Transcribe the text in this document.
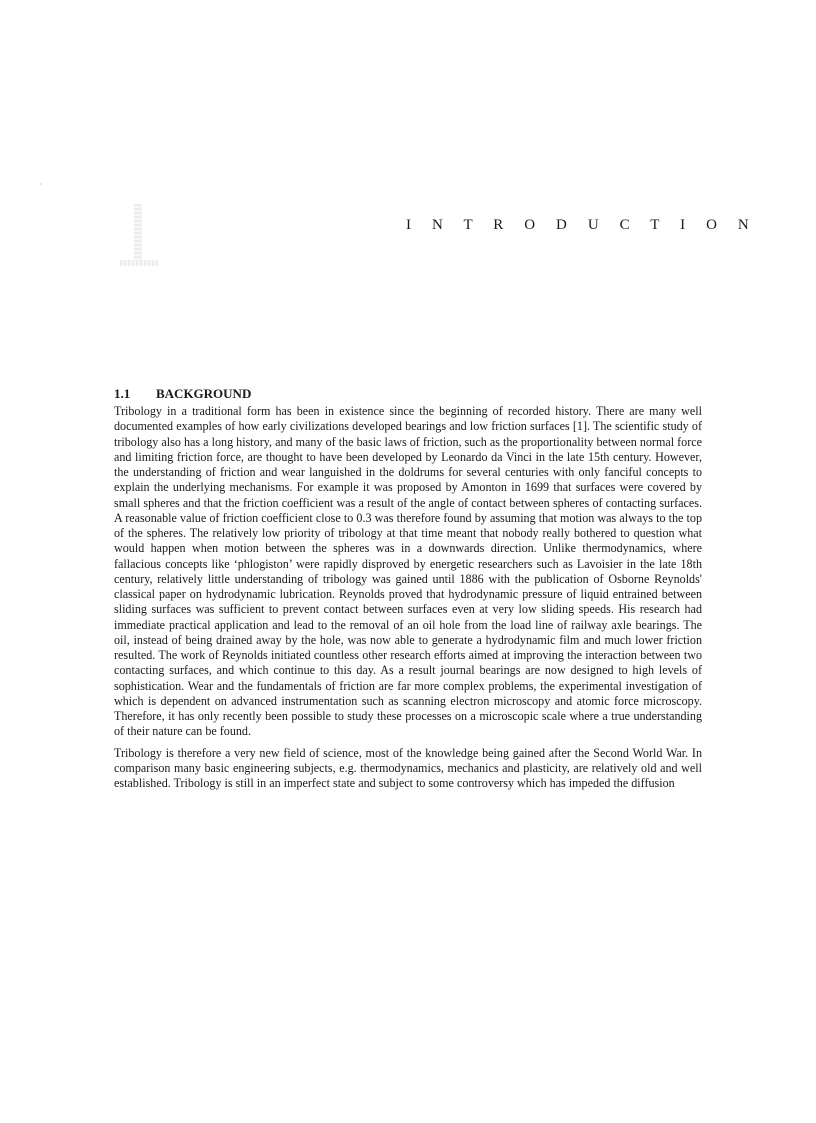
I N T R O D U C T I O N
1.1 BACKGROUND

Tribology in a traditional form has been in existence since the beginning of recorded history. There are many well documented examples of how early civilizations developed bearings and low friction surfaces [1]. The scientific study of tribology also has a long history, and many of the basic laws of friction, such as the proportionality between normal force and limiting friction force, are thought to have been developed by Leonardo da Vinci in the late 15th century. However, the understanding of friction and wear languished in the doldrums for several centuries with only fanciful concepts to explain the underlying mechanisms. For example it was proposed by Amonton in 1699 that surfaces were covered by small spheres and that the friction coefficient was a result of the angle of contact between spheres of contacting surfaces. A reasonable value of friction coefficient close to 0.3 was therefore found by assuming that motion was always to the top of the spheres. The relatively low priority of tribology at that time meant that nobody really bothered to question what would happen when motion between the spheres was in a downwards direction. Unlike thermodynamics, where fallacious concepts like ‘phlogiston’ were rapidly disproved by energetic researchers such as Lavoisier in the late 18th century, relatively little understanding of tribology was gained until 1886 with the publication of Osborne Reynolds' classical paper on hydrodynamic lubrication. Reynolds proved that hydrodynamic pressure of liquid entrained between sliding surfaces was sufficient to prevent contact between surfaces even at very low sliding speeds. His research had immediate practical application and lead to the removal of an oil hole from the load line of railway axle bearings. The oil, instead of being drained away by the hole, was now able to generate a hydrodynamic film and much lower friction resulted. The work of Reynolds initiated countless other research efforts aimed at improving the interaction between two contacting surfaces, and which continue to this day. As a result journal bearings are now designed to high levels of sophistication. Wear and the fundamentals of friction are far more complex problems, the experimental investigation of which is dependent on advanced instrumentation such as scanning electron microscopy and atomic force microscopy. Therefore, it has only recently been possible to study these processes on a microscopic scale where a true understanding of their nature can be found.

Tribology is therefore a very new field of science, most of the knowledge being gained after the Second World War. In comparison many basic engineering subjects, e.g. thermodynamics, mechanics and plasticity, are relatively old and well established. Tribology is still in an imperfect state and subject to some controversy which has impeded the diffusion
